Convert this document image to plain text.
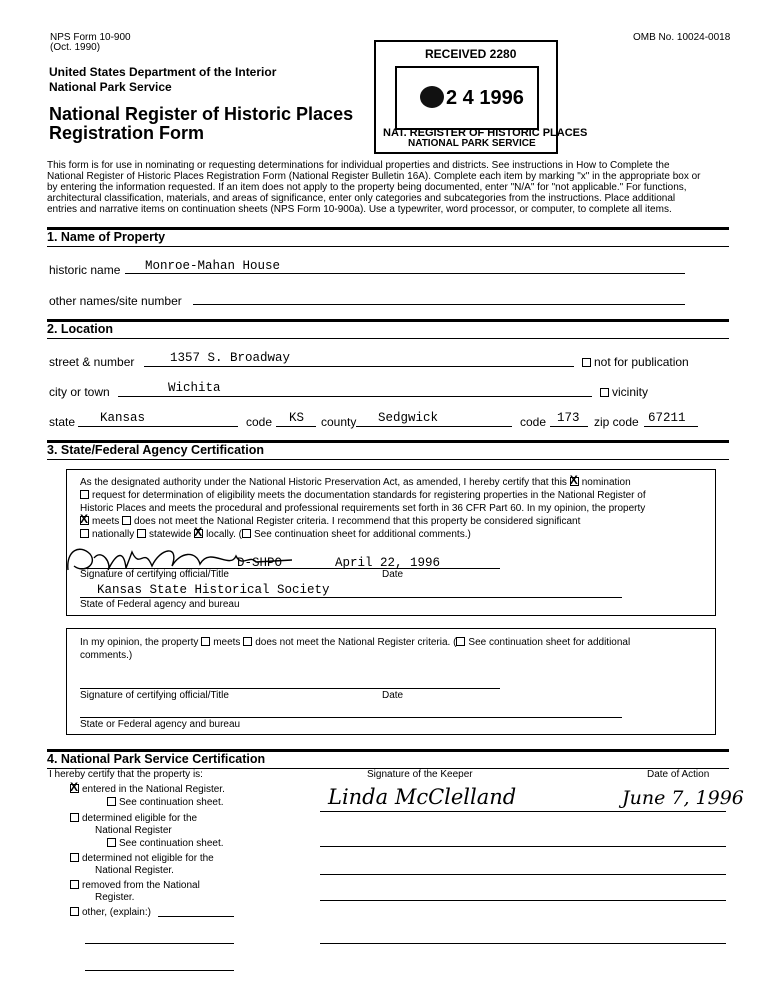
NPS Form 10-900
(Oct. 1990)
OMB No. 10024-0018
United States Department of the Interior
National Park Service
National Register of Historic Places
Registration Form
RECEIVED 2280
2 4 1996
NAT. REGISTER OF HISTORIC PLACES
NATIONAL PARK SERVICE
This form is for use in nominating or requesting determinations for individual properties and districts. See instructions in How to Complete the
National Register of Historic Places Registration Form (National Register Bulletin 16A). Complete each item by marking "x" in the appropriate box or
by entering the information requested. If an item does not apply to the property being documented, enter "N/A" for "not applicable." For functions,
architectural classification, materials, and areas of significance, enter only categories and subcategories from the instructions. Place additional
entries and narrative items on continuation sheets (NPS Form 10-900a). Use a typewriter, word processor, or computer, to complete all items.
1. Name of Property
historic name Monroe-Mahan House
other names/site number
2. Location
street & number	1357 S. Broadway	not for publication
city or town	Wichita	vicinity
state Kansas	code KS county Sedgwick	code 173 zip code 67211
3. State/Federal Agency Certification
As the designated authority under the National Historic Preservation Act, as amended, I hereby certify that this X nomination
request for determination of eligibility meets the documentation standards for registering properties in the National Register of
Historic Places and meets the procedural and professional requirements set forth in 36 CFR Part 60. In my opinion, the property
Xmeets does not meet the National Register criteria. I recommend that this property be considered significant
nationally statewide X locally. ( See continuation sheet for additional comments.)
D-SHPO	April 22, 1996
Signature of certifying official/Title	Date
Kansas State Historical Society
State of Federal agency and bureau
In my opinion, the property meets does not meet the National Register criteria. ( See continuation sheet for additional
comments.)
Signature of certifying official/Title	Date
State or Federal agency and bureau
4. National Park Service Certification
I hereby certify that the property is:	Signature of the Keeper	Date of Action
Xentered in the National Register.
See continuation sheet.
determined eligible for the
National Register
See continuation sheet.
determined not eligible for the
National Register.
removed from the National
Register.
other, (explain:)
Linda McClelland	June 7, 1996
